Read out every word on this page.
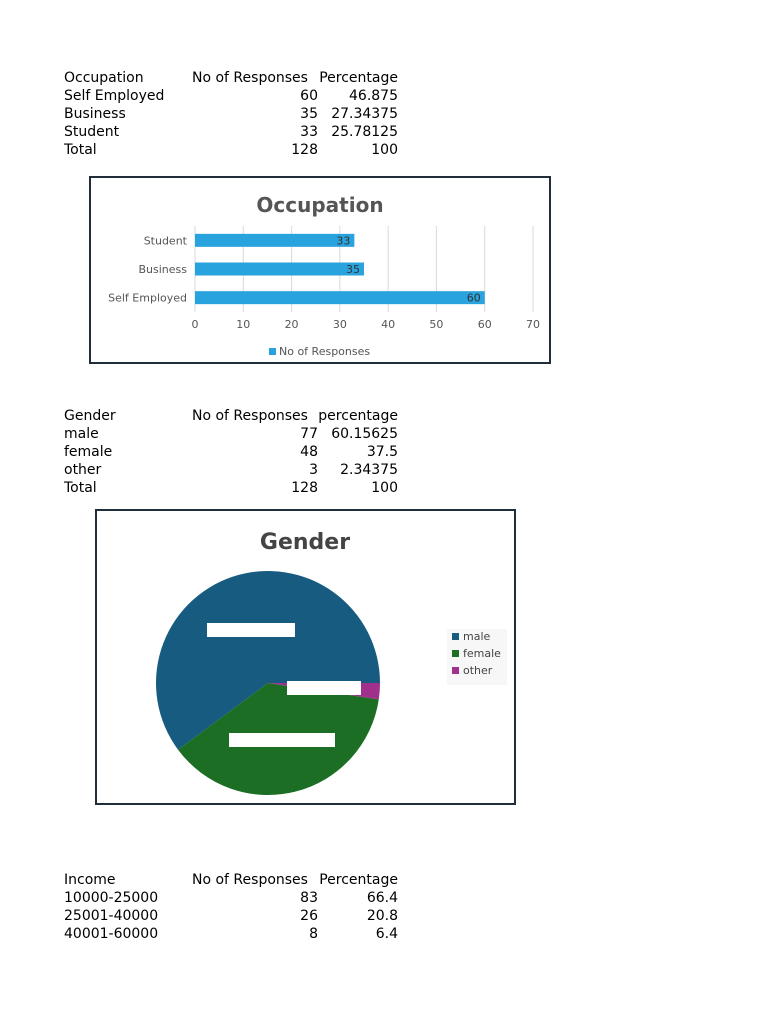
Occupation	No of Responses Percentage
Self Employed	60	46.875
Business	35 27.34375
Student	33 25.78125
Total	128	100
Occupation
0	10	20	30	40	50	60	70
Self Employed	60
Business	35
Student	33
No of Responses
Gender	No of Responses percentage
male	77 60.15625
female	48	37.5
other	3	2.34375
Total	128	100
Gender
male
female
other
Income	No of Responses Percentage
10000-25000	83	66.4
25001-40000	26	20.8
40001-60000	8	6.4
